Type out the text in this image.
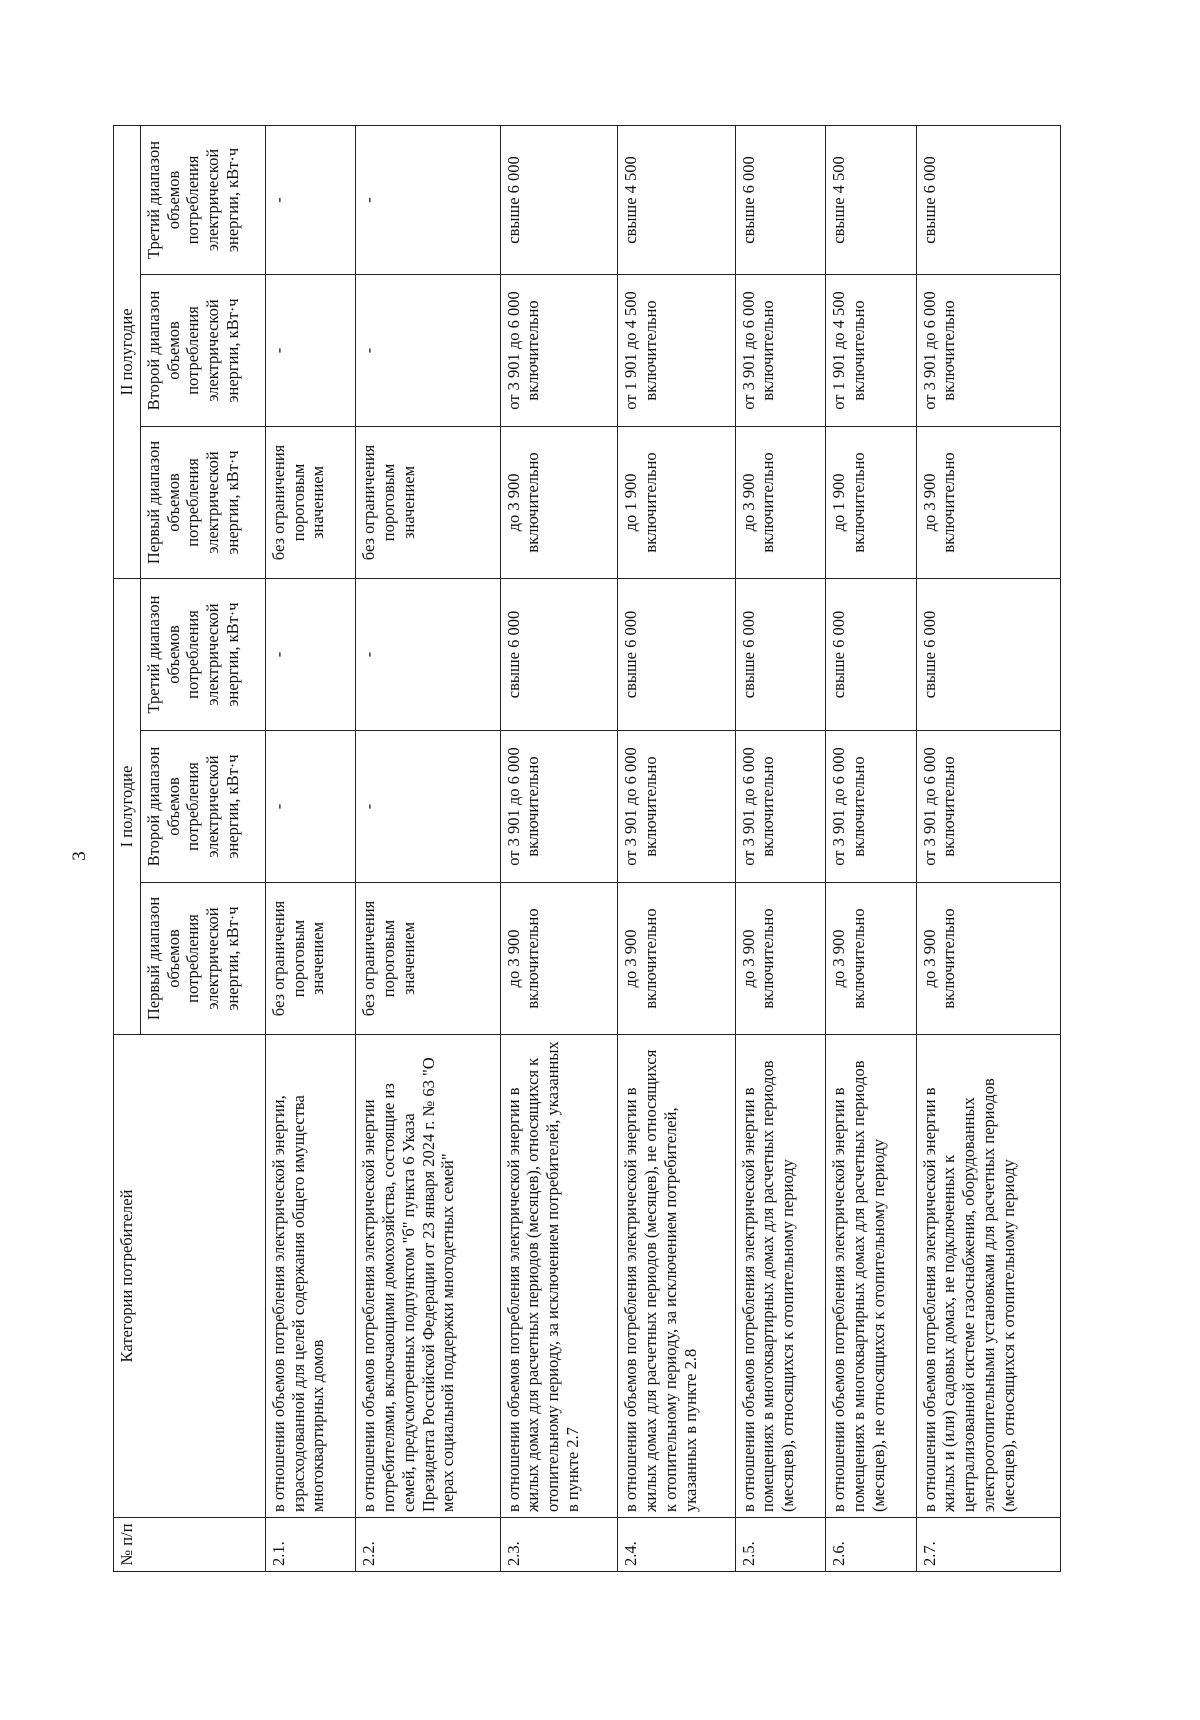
3
№ п/п	Категории потребителей	I полугодие			II полугодие		
		Первый диапазон объемов потребления электрической энергии, кВт·ч	Второй диапазон объемов потребления электрической энергии, кВт·ч	Третий диапазон объемов потребления электрической энергии, кВт·ч	Первый диапазон объемов потребления электрической энергии, кВт·ч	Второй диапазон объемов потребления электрической энергии, кВт·ч	Третий диапазон объемов потребления электрической энергии, кВт·ч
2.1.	в отношении объемов потребления электрической энергии, израсходованной для целей содержания общего имущества многоквартирных домов	без ограничения пороговым значением	-	-	без ограничения пороговым значением	-	-
2.2.	в отношении объемов потребления электрической энергии потребителями, включающими домохозяйства, состоящие из семей, предусмотренных подпунктом "б" пункта 6 Указа Президента Российской Федерации от 23 января 2024 г. № 63 "О мерах социальной поддержки многодетных семей"	без ограничения пороговым значением	-	-	без ограничения пороговым значением	-	-
2.3.	в отношении объемов потребления электрической энергии в жилых домах для расчетных периодов (месяцев), относящихся к отопительному периоду, за исключением потребителей, указанных в пункте 2.7	до 3 900 включительно	от 3 901 до 6 000 включительно	свыше 6 000	до 3 900 включительно	от 3 901 до 6 000 включительно	свыше 6 000
2.4.	в отношении объемов потребления электрической энергии в жилых домах для расчетных периодов (месяцев), не относящихся к отопительному периоду, за исключением потребителей, указанных в пункте 2.8	до 3 900 включительно	от 3 901 до 6 000 включительно	свыше 6 000	до 1 900 включительно	от 1 901 до 4 500 включительно	свыше 4 500
2.5.	в отношении объемов потребления электрической энергии в помещениях в многоквартирных домах для расчетных периодов (месяцев), относящихся к отопительному периоду	до 3 900 включительно	от 3 901 до 6 000 включительно	свыше 6 000	до 3 900 включительно	от 3 901 до 6 000 включительно	свыше 6 000
2.6.	в отношении объемов потребления электрической энергии в помещениях в многоквартирных домах для расчетных периодов (месяцев), не относящихся к отопительному периоду	до 3 900 включительно	от 3 901 до 6 000 включительно	свыше 6 000	до 1 900 включительно	от 1 901 до 4 500 включительно	свыше 4 500
2.7.	в отношении объемов потребления электрической энергии в жилых и (или) садовых домах, не подключенных к централизованной системе газоснабжения, оборудованных электроотопительными установками для расчетных периодов (месяцев), относящихся к отопительному периоду	до 3 900 включительно	от 3 901 до 6 000 включительно	свыше 6 000	до 3 900 включительно	от 3 901 до 6 000 включительно	свыше 6 000
